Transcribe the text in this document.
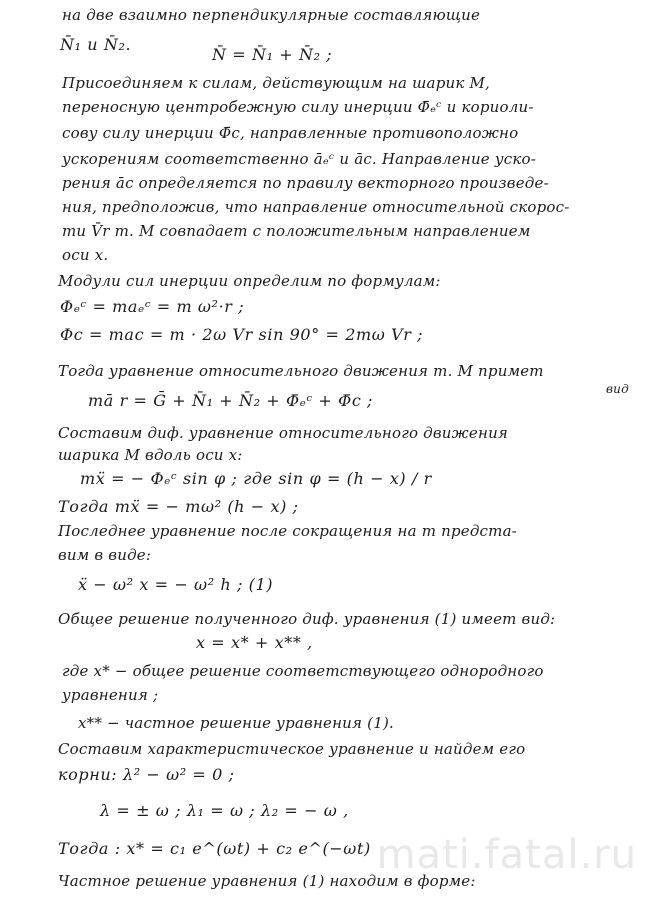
на две взаимно перпендикулярные составляющие
N̄₁ и N̄₂.
N̄ = N̄₁ + N̄₂ ;
Присоединяем к силам, действующим на шарик M,
переносную центробежную силу инерции Φ̄ₑᶜ и кориоли-
сову силу инерции Φ̄c, направленные противоположно
ускорениям соответственно āₑᶜ и āc. Направление уско-
рения āc определяется по правилу векторного произведе-
ния, предположив, что направление относительной скорос-
ти V̄r т. M совпадает с положительным направлением
оси x.
Модули сил инерции определим по формулам:
Φₑᶜ = maₑᶜ = m ω²·r ;
Φc = mac = m · 2ω Vr sin 90° = 2mω Vr ;
Тогда уравнение относительного движения т. M примет
вид
mā r = Ḡ + N̄₁ + N̄₂ + Φ̄ₑᶜ + Φ̄c ;
Составим диф. уравнение относительного движения
шарика M вдоль оси x:
mẍ = − Φₑᶜ sin φ ; где sin φ = (h − x) / r
Тогда mẍ = − mω² (h − x) ;
Последнее уравнение после сокращения на m предста-
вим в виде:
ẍ − ω² x = − ω² h ; (1)
Общее решение полученного диф. уравнения (1) имеет вид:
x = x* + x** ,
где x* − общее решение соответствующего однородного
уравнения ;
x** − частное решение уравнения (1).
Составим характеристическое уравнение и найдем его
корни: λ² − ω² = 0 ;
λ = ± ω ; λ₁ = ω ; λ₂ = − ω ,
Тогда : x* = c₁ e^(ωt) + c₂ e^(−ωt)
Частное решение уравнения (1) находим в форме:
mati.fatal.ru
